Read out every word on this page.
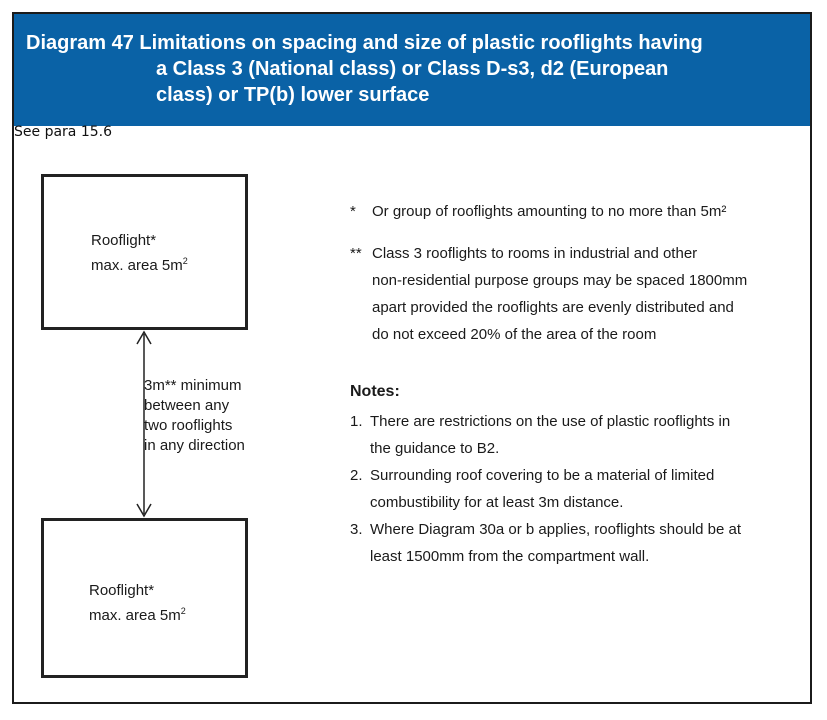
Diagram 47 Limitations on spacing and size of plastic rooflights having
a Class 3 (National class) or Class D-s3, d2 (European
class) or TP(b) lower surface
See para 15.6
Rooflight*
max. area $5m^2$
3m** minimum
between any
two rooflights
in any direction
Rooflight*
max. area $5m^2$
* Or group of rooflights amounting to no more than 5m²
** Class 3 rooflights to rooms in industrial and other
non-residential purpose groups may be spaced 1800mm
apart provided the rooflights are evenly distributed and
do not exceed 20% of the area of the room
Notes:
1. There are restrictions on the use of plastic rooflights in
the guidance to B2.
2. Surrounding roof covering to be a material of limited
combustibility for at least 3m distance.
3. Where Diagram 30a or b applies, rooflights should be at
least 1500mm from the compartment wall.
